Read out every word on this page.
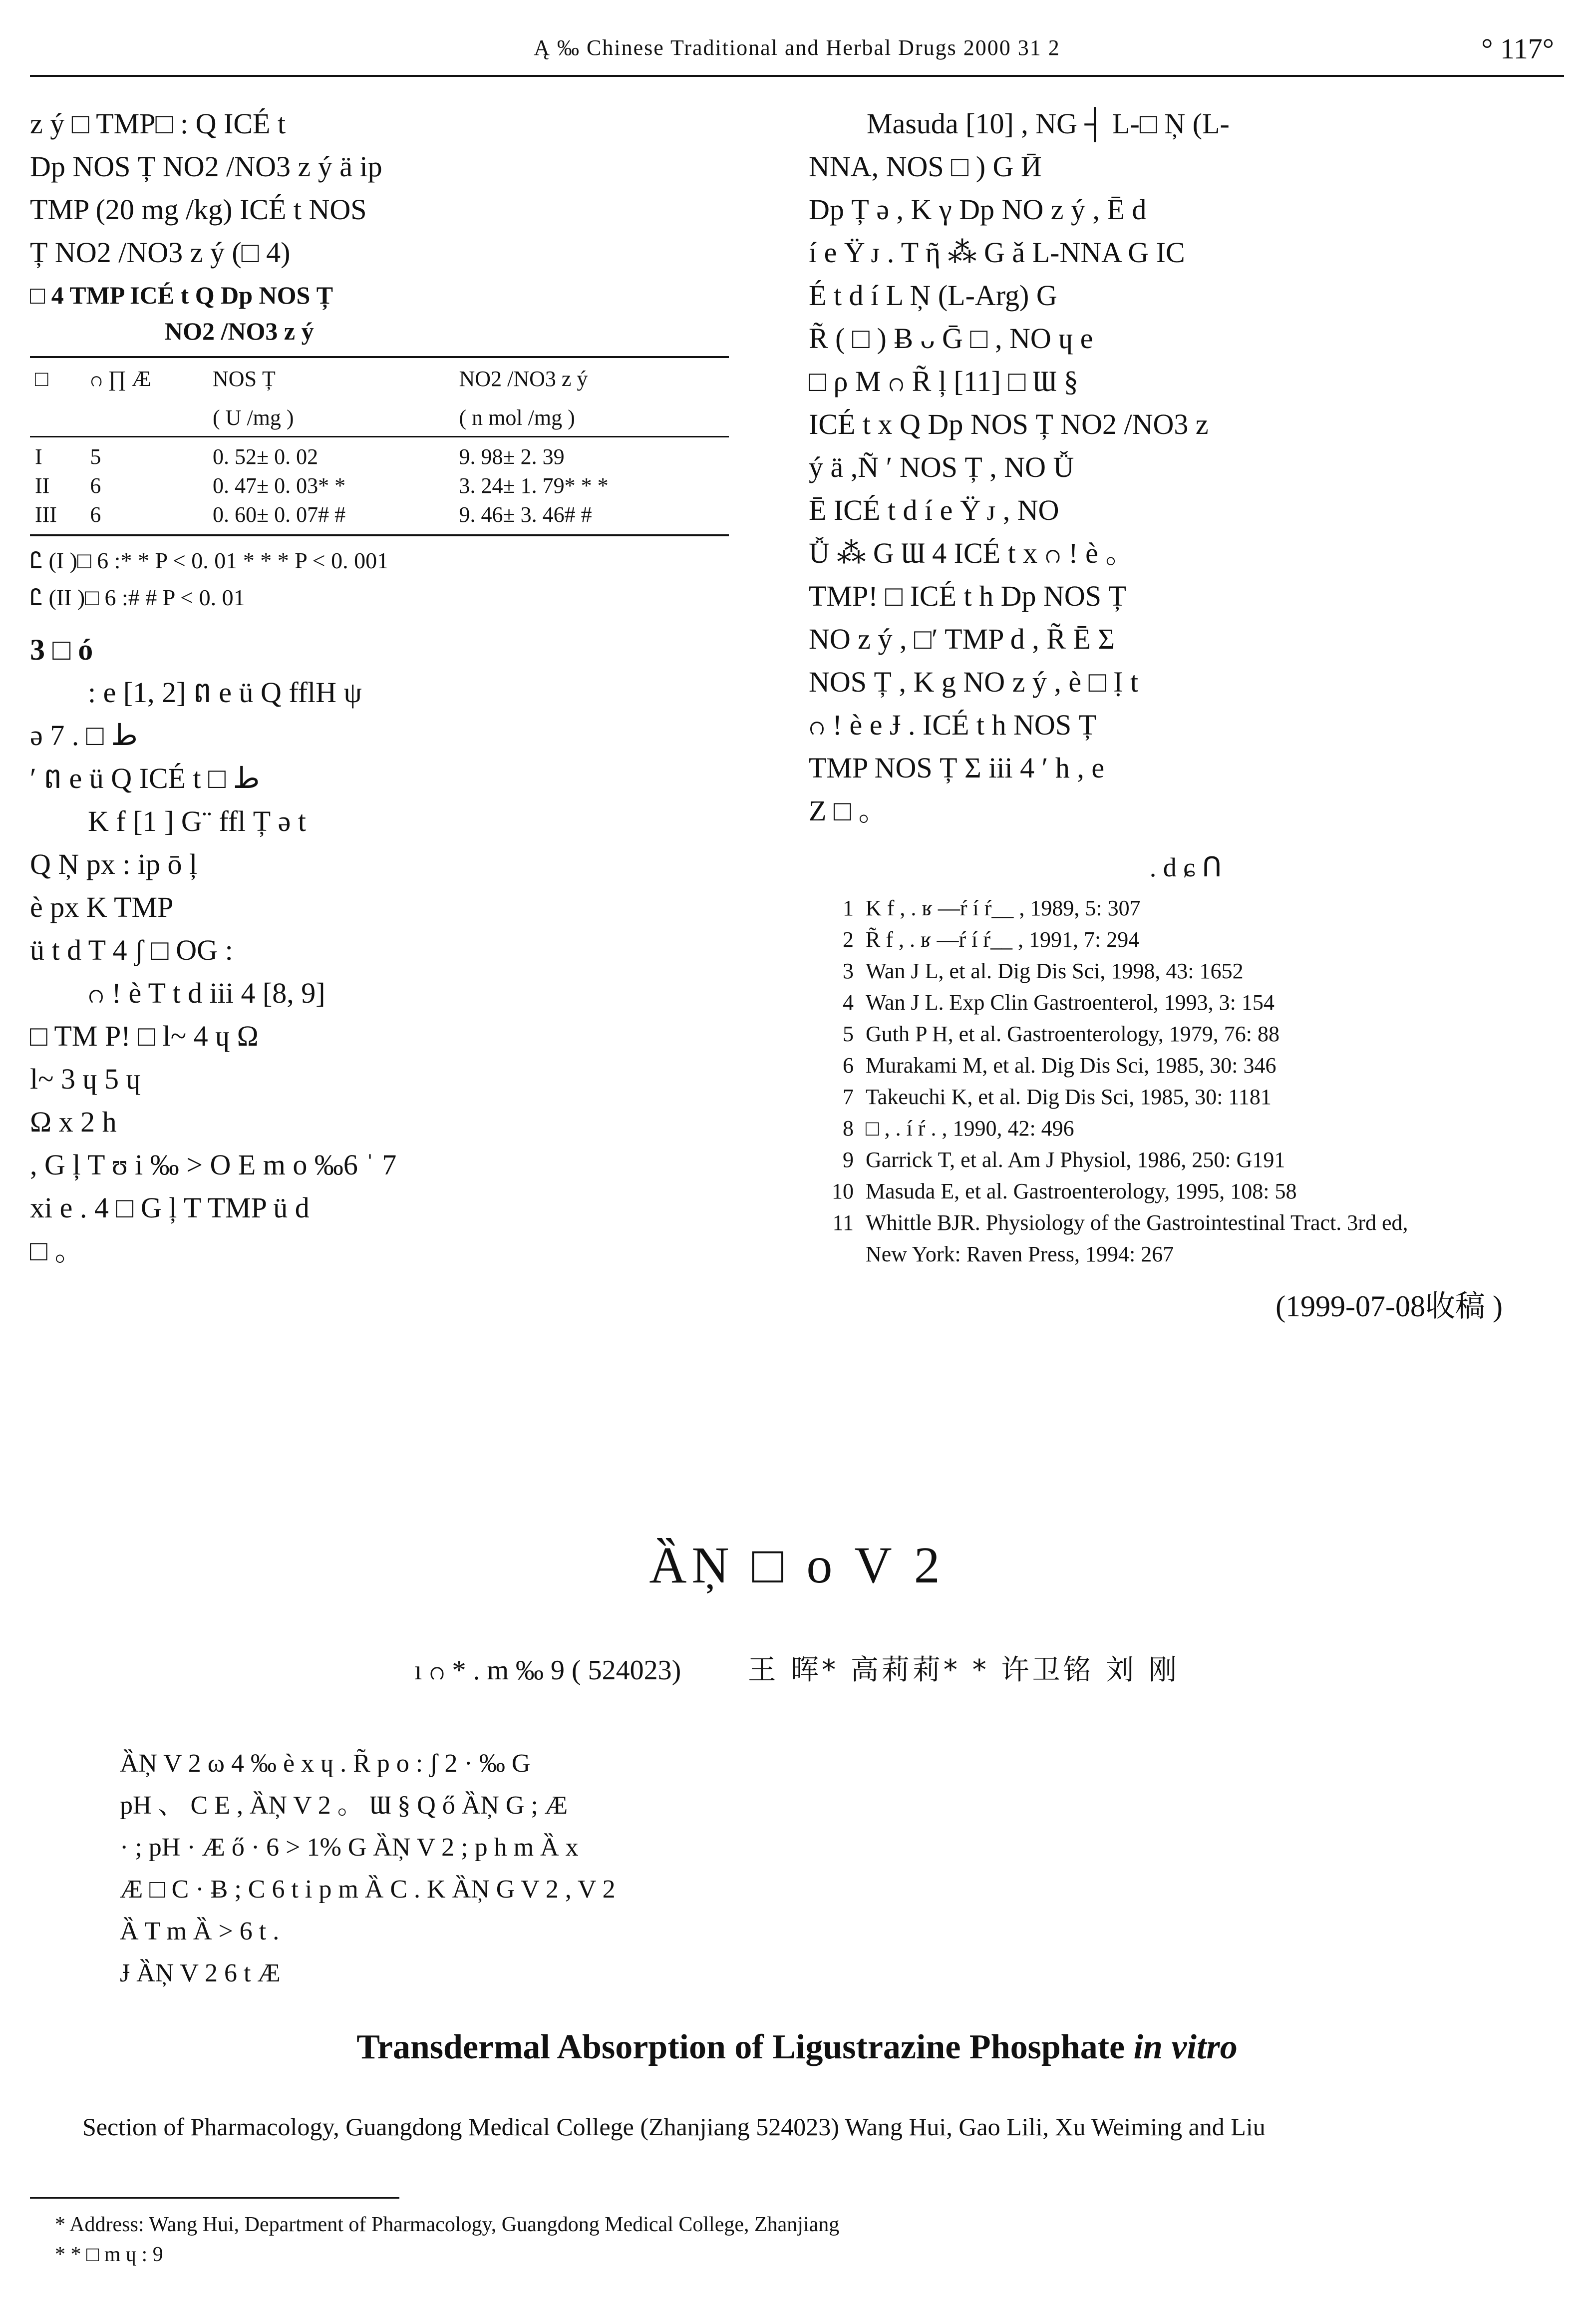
Ą ‰ Chinese Traditional and Herbal Drugs 2000 31 2	° 117°

z ý □ TMP□ : Q ICÉ t

Dp NOS Ț NO2 /NO3 z ý ä ip

TMP (20 mg /kg) ICÉ t NOS

Ț NO2 /NO3 z ý (□ 4)

□ 4 TMP ICÉ t Q Dp NOS Ț
NO2 /NO3 z ý
□	ဂ ∏ Æ	NOS Ț	NO2 /NO3 z ý
		( U /mg )	( n mol /mg )
I	5	0. 52± 0. 02	9. 98± 2. 39
II	6	0. 47± 0. 03* *	3. 24± 1. 79* * *
III	6	0. 60± 0. 07# #	9. 46± 3. 46# #
Ꮭ (I )□ 6 :* * P < 0. 01 * * * P < 0. 001
Ꮭ (II )□ 6 :# # P < 0. 01
3 □ ó

: e [1, 2] ព e ü Q fflH ψ

ə 7 . □ ط

′ ព e ü Q ICÉ t □ ط

K f [1 ] G¨ ffl Ț ə t

Q Ņ px : ip ō ļ

è px K TMP

ü t d T 4 ʃ □ OG :

ဂ ǃ è T t d iii 4 [8, 9]

□ TM P! □ l~ 4 ɥ Ω

l~ 3 ɥ 5 ɥ

Ω x 2 h

, G ļ T ʊ i ‰ > O E m o ‰6 ˈ 7

xi e . 4 □ G ļ T TMP ü d

□ 。

Masuda [10] , NG ┤ L-□ Ņ (L-

NNA, NOS □ ) G Ӣ

Dp Ț ə , K γ Dp NO z ý , Ē d

í e Ϋ ᴊ . T ῆ ⁂ G ǎ L-NNA G IC

É t d í L Ņ (L-Arg) G

R̃ ( □ ) Ƀ ᴗ Ḡ □ , NO ɥ e

□ ρ M ဂ R̃ ļ [11] □ Ɯ §

ICÉ t x Q Dp NOS Ț NO2 /NO3 z

ý ä ,Ñ ′ NOS Ț , NO Ǚ

Ē ICÉ t d í e Ϋ ᴊ , NO

Ǚ ⁂ G Ɯ 4 ICÉ t x ဂ ǃ è 。

TMP! □ ICÉ t h Dp NOS Ț

NO z ý , □′ TMP d , R̃ Ē Σ

NOS Ț , K g NO z ý , è □ Ị t

ဂ ǃ è e Ɉ . ICÉ t h NOS Ț

TMP NOS Ț Σ iii 4 ′ h , e

Z □ 。

. d ɕ ᑎ
1 K f , . ʁ —ŕ í ŕ__ , 1989, 5: 307
2 R̃ f , . ʁ —ŕ í ŕ__ , 1991, 7: 294
3 Wan J L, et al. Dig Dis Sci, 1998, 43: 1652
4 Wan J L. Exp Clin Gastroenterol, 1993, 3: 154
5 Guth P H, et al. Gastroenterology, 1979, 76: 88
6 Murakami M, et al. Dig Dis Sci, 1985, 30: 346
7 Takeuchi K, et al. Dig Dis Sci, 1985, 30: 1181
8 □ , . í ŕ . , 1990, 42: 496
9 Garrick T, et al. Am J Physiol, 1986, 250: G191
10 Masuda E, et al. Gastroenterology, 1995, 108: 58
11 Whittle BJR. Physiology of the Gastrointestinal Tract. 3rd ed,
New York: Raven Press, 1994: 267
(1999-07-08收稿 )
ȀŅ □ o V 2
ı ဂ * . m ‰ 9 ( 524023) 王 晖* 高莉莉* * 许卫铭 刘 刚

ȀŅ V 2 ω 4 ‰ è x ɥ . R̃ p o : ʃ 2 · ‰ G

pH 、 C E , ȀŅ V 2 。 Ɯ § Q ő ȀŅ G ; Æ

· ; pH · Æ ő · 6 > 1% G ȀŅ V 2 ; p h m Ȁ x

Æ □ C · Ƀ ; C 6 t i p m Ȁ C . K ȀŅ G V 2 , V 2

Ȁ T m Ȁ > 6 t .

Ɉ ȀŅ V 2 6 t Æ

Transdermal Absorption of Ligustrazine Phosphate in vitro
Section of Pharmacology, Guangdong Medical College (Zhanjiang 524023) Wang Hui, Gao Lili, Xu Weiming and Liu

* Address: Wang Hui, Department of Pharmacology, Guangdong Medical College, Zhanjiang

* * □ m ɥ : 9
